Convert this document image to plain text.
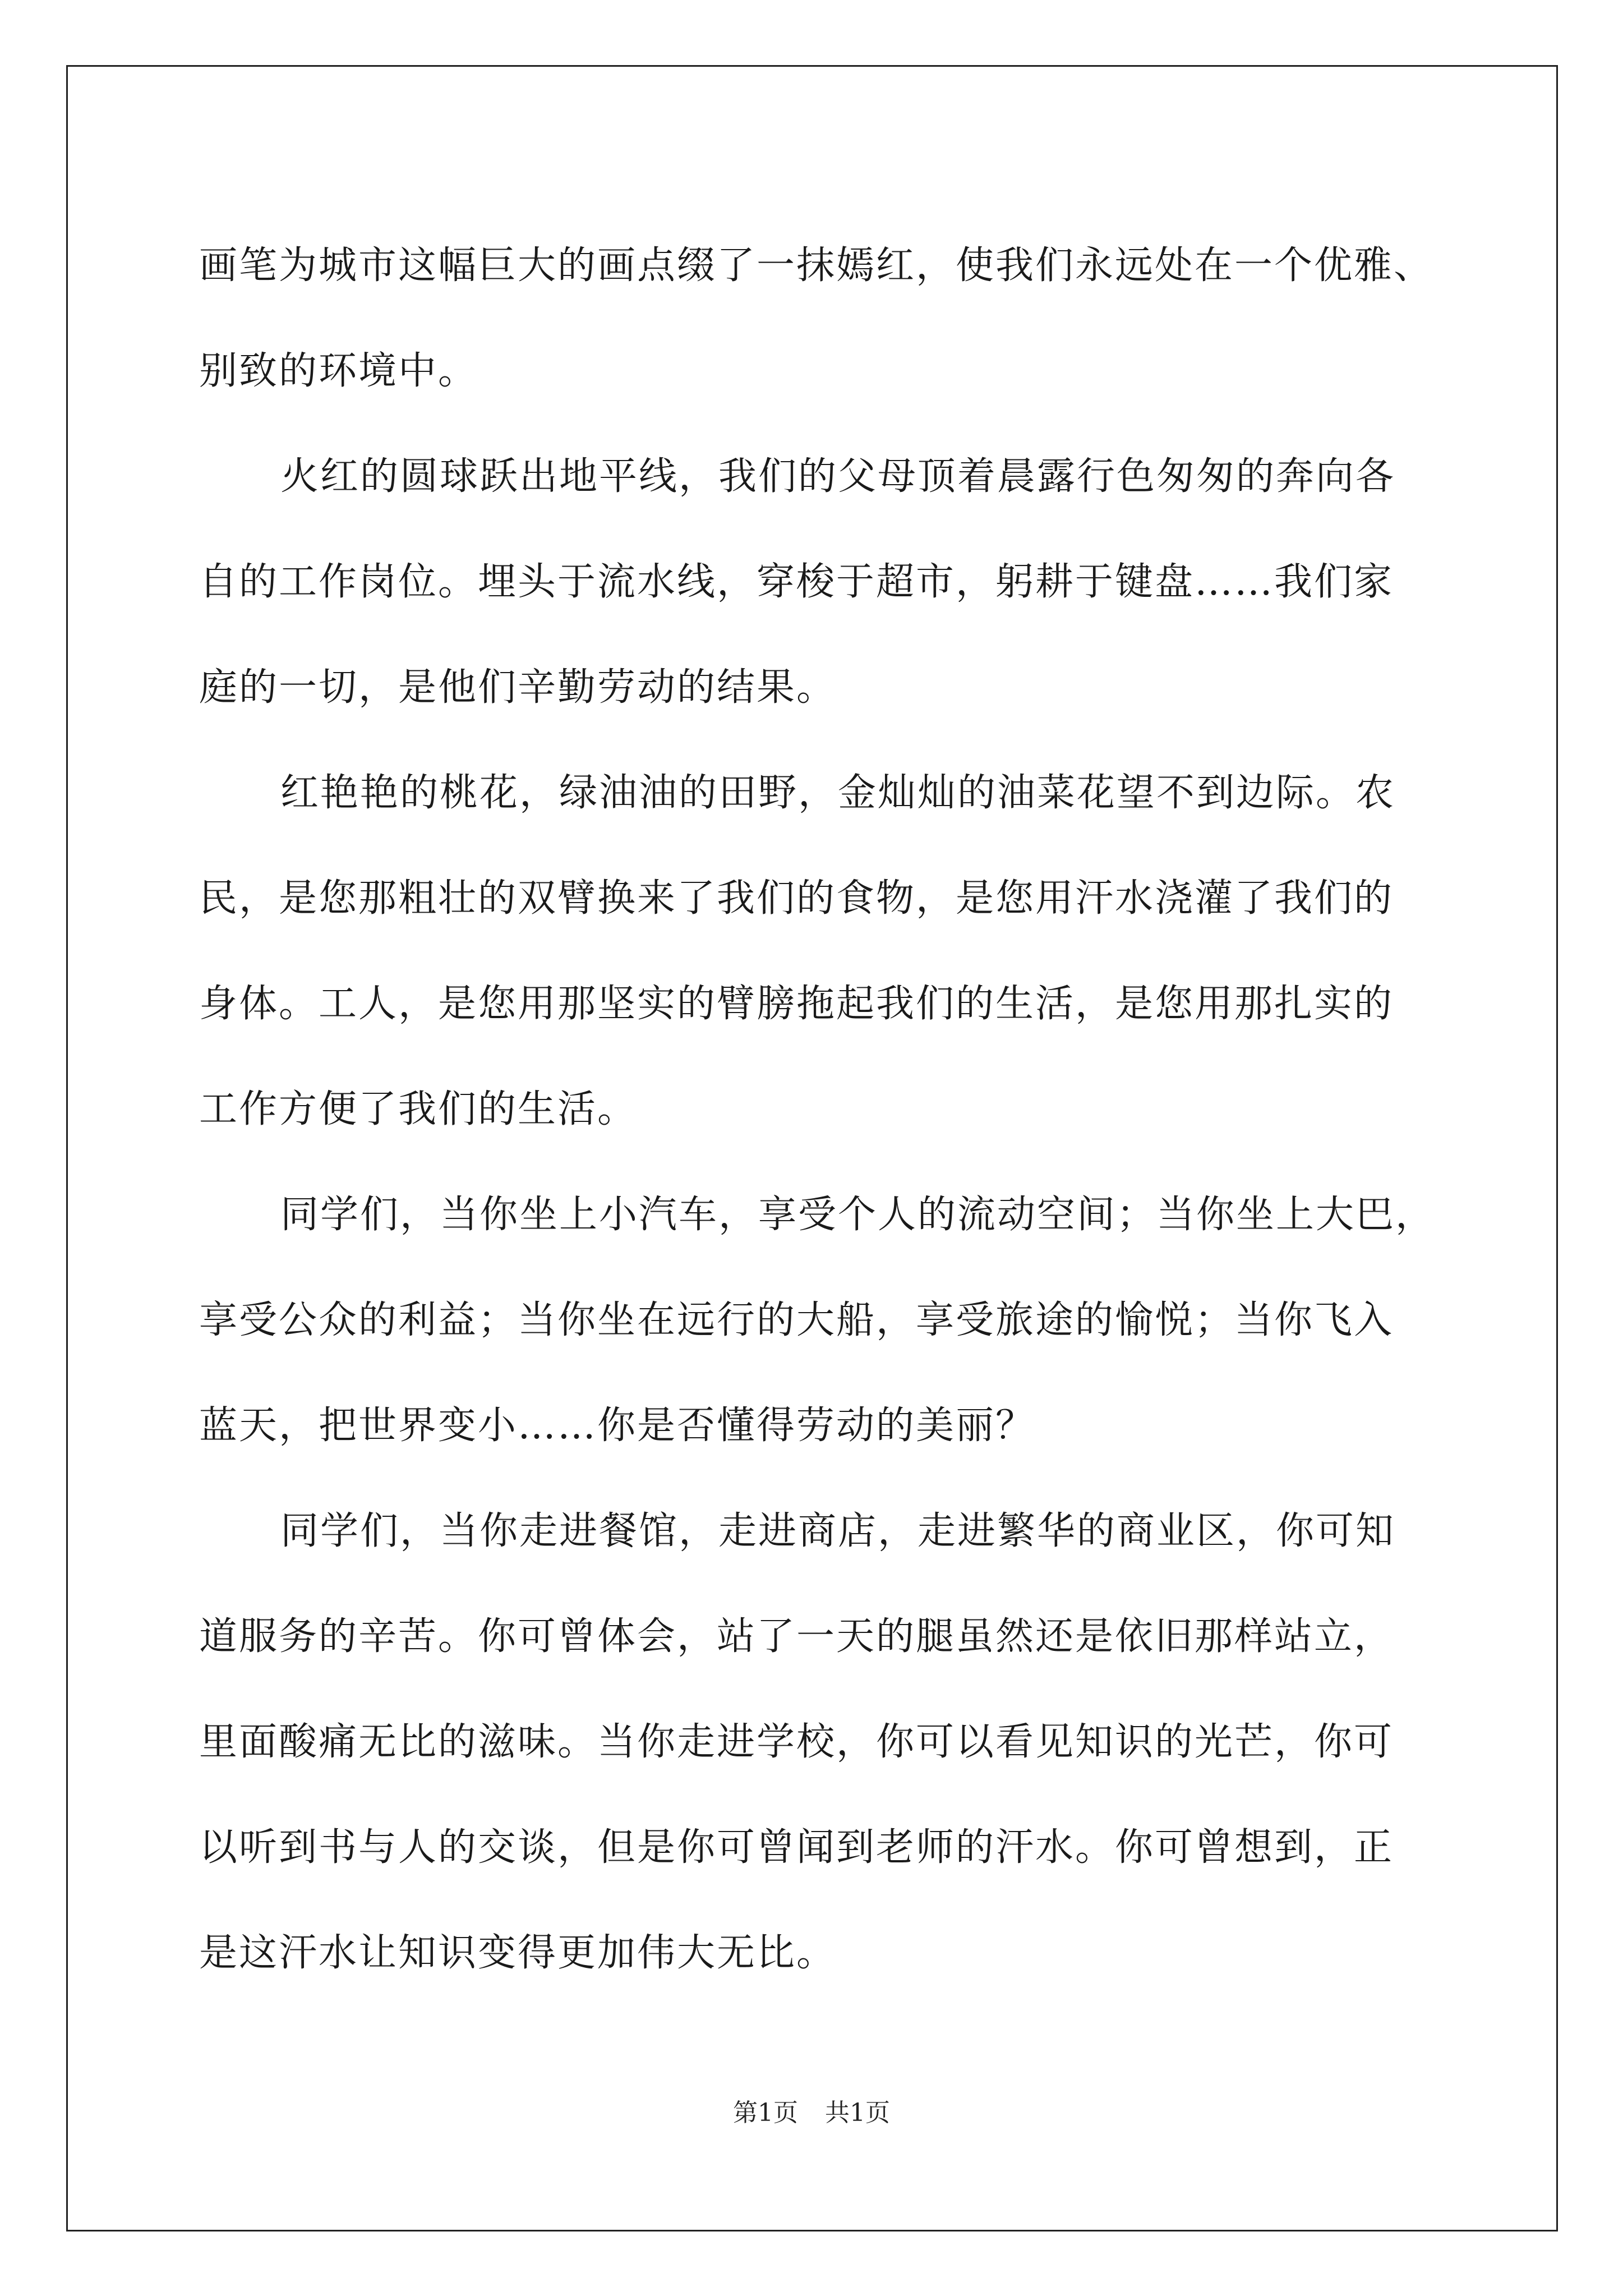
画笔为城市这幅巨大的画点缀了一抹嫣红，使我们永远处在一个优雅、
别致的环境中。
火红的圆球跃出地平线，我们的父母顶着晨露行色匆匆的奔向各
自的工作岗位。埋头于流水线，穿梭于超市，躬耕于键盘……我们家
庭的一切，是他们辛勤劳动的结果。
红艳艳的桃花，绿油油的田野，金灿灿的油菜花望不到边际。农
民，是您那粗壮的双臂换来了我们的食物，是您用汗水浇灌了我们的
身体。工人，是您用那坚实的臂膀拖起我们的生活，是您用那扎实的
工作方便了我们的生活。
同学们，当你坐上小汽车，享受个人的流动空间；当你坐上大巴，
享受公众的利益；当你坐在远行的大船，享受旅途的愉悦；当你飞入
蓝天，把世界变小……你是否懂得劳动的美丽？
同学们，当你走进餐馆，走进商店，走进繁华的商业区，你可知
道服务的辛苦。你可曾体会，站了一天的腿虽然还是依旧那样站立，
里面酸痛无比的滋味。当你走进学校，你可以看见知识的光芒，你可
以听到书与人的交谈，但是你可曾闻到老师的汗水。你可曾想到，正
是这汗水让知识变得更加伟大无比。
第1页 共1页
